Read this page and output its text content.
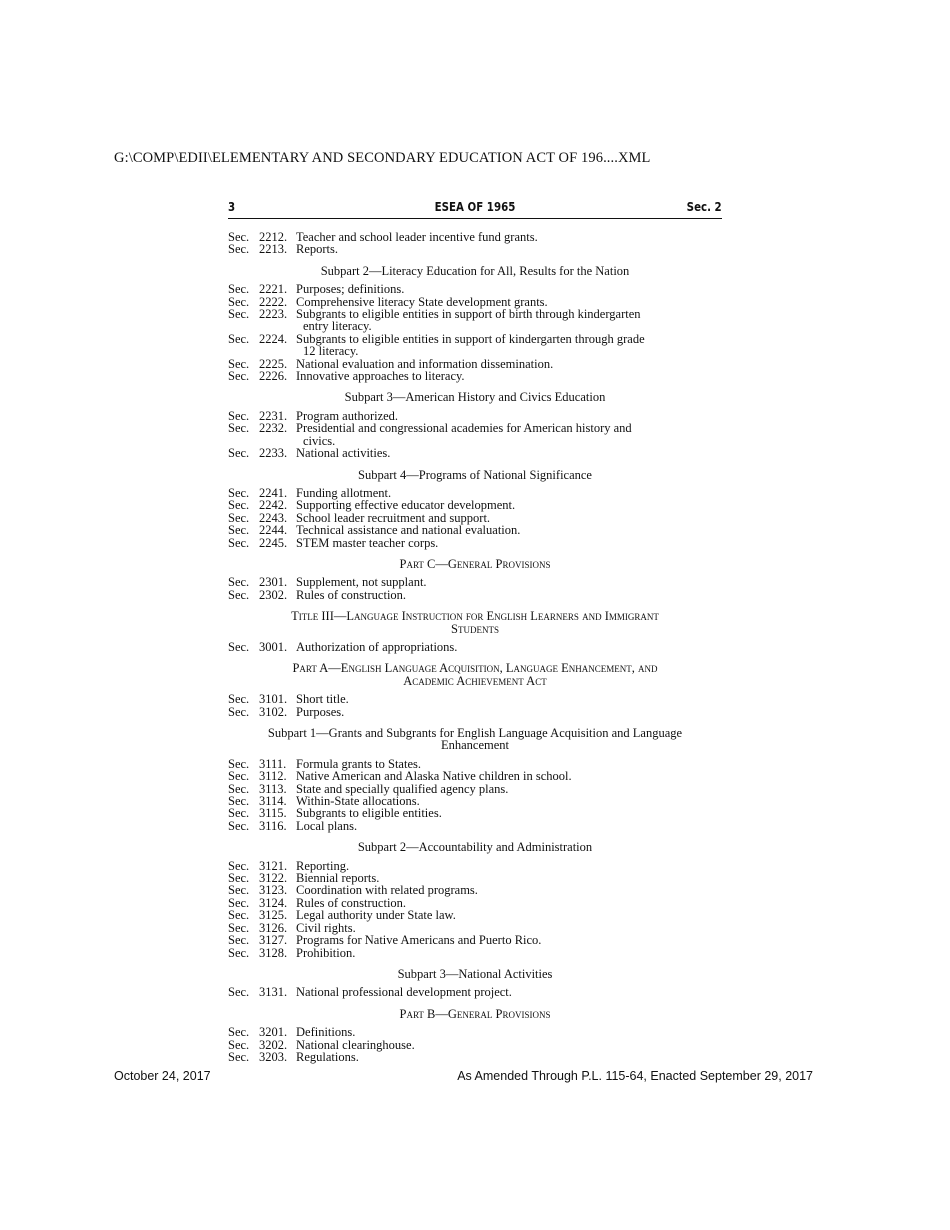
G:\COMP\EDII\ELEMENTARY AND SECONDARY EDUCATION ACT OF 196....XML
3	ESEA OF 1965	Sec. 2
Sec. 2212. Teacher and school leader incentive fund grants.
Sec. 2213. Reports.
Subpart 2—Literacy Education for All, Results for the Nation
Sec. 2221. Purposes; definitions.
Sec. 2222. Comprehensive literacy State development grants.
Sec. 2223. Subgrants to eligible entities in support of birth through kindergarten
entry literacy.
Sec. 2224. Subgrants to eligible entities in support of kindergarten through grade
12 literacy.
Sec. 2225. National evaluation and information dissemination.
Sec. 2226. Innovative approaches to literacy.
Subpart 3—American History and Civics Education
Sec. 2231. Program authorized.
Sec. 2232. Presidential and congressional academies for American history and
civics.
Sec. 2233. National activities.
Subpart 4—Programs of National Significance
Sec. 2241. Funding allotment.
Sec. 2242. Supporting effective educator development.
Sec. 2243. School leader recruitment and support.
Sec. 2244. Technical assistance and national evaluation.
Sec. 2245. STEM master teacher corps.
Part C—General Provisions
Sec. 2301. Supplement, not supplant.
Sec. 2302. Rules of construction.
Title III—Language Instruction for English Learners and Immigrant
Students
Sec. 3001. Authorization of appropriations.
Part A—English Language Acquisition, Language Enhancement, and
Academic Achievement Act
Sec. 3101. Short title.
Sec. 3102. Purposes.
Subpart 1—Grants and Subgrants for English Language Acquisition and Language
Enhancement
Sec. 3111. Formula grants to States.
Sec. 3112. Native American and Alaska Native children in school.
Sec. 3113. State and specially qualified agency plans.
Sec. 3114. Within-State allocations.
Sec. 3115. Subgrants to eligible entities.
Sec. 3116. Local plans.
Subpart 2—Accountability and Administration
Sec. 3121. Reporting.
Sec. 3122. Biennial reports.
Sec. 3123. Coordination with related programs.
Sec. 3124. Rules of construction.
Sec. 3125. Legal authority under State law.
Sec. 3126. Civil rights.
Sec. 3127. Programs for Native Americans and Puerto Rico.
Sec. 3128. Prohibition.
Subpart 3—National Activities
Sec. 3131. National professional development project.
Part B—General Provisions
Sec. 3201. Definitions.
Sec. 3202. National clearinghouse.
Sec. 3203. Regulations.
October 24, 2017	As Amended Through P.L. 115-64, Enacted September 29, 2017
